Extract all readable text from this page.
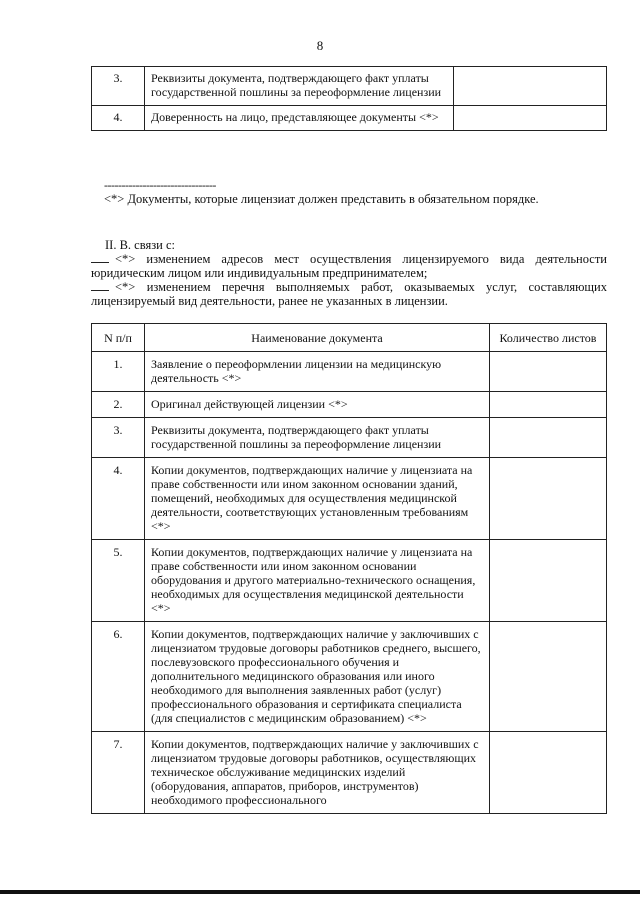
8
3.	Реквизиты документа, подтверждающего факт уплаты государственной пошлины за переоформление лицензии	
4.	Доверенность на лицо, представляющее документы <*>	
--------------------------------
<*> Документы, которые лицензиат должен представить в обязательном порядке.
II. В. связи с:
<*> изменением адресов мест осуществления лицензируемого вида деятельности юридическим лицом или индивидуальным предпринимателем;
<*> изменением перечня выполняемых работ, оказываемых услуг, составляющих лицензируемый вид деятельности, ранее не указанных в лицензии.
N п/п	Наименование документа	Количество листов
1.	Заявление о переоформлении лицензии на медицинскую деятельность <*>	
2.	Оригинал действующей лицензии <*>	
3.	Реквизиты документа, подтверждающего факт уплаты государственной пошлины за переоформление лицензии	
4.	Копии документов, подтверждающих наличие у лицензиата на праве собственности или ином законном основании зданий, помещений, необходимых для осуществления медицинской деятельности, соответствующих установленным требованиям <*>	
5.	Копии документов, подтверждающих наличие у лицензиата на праве собственности или ином законном основании оборудования и другого материально-технического оснащения, необходимых для осуществления медицинской деятельности <*>	
6.	Копии документов, подтверждающих наличие у заключивших с лицензиатом трудовые договоры работников среднего, высшего, послевузовского профессионального обучения и дополнительного медицинского образования или иного необходимого для выполнения заявленных работ (услуг) профессионального образования и сертификата специалиста (для специалистов с медицинским образованием) <*>	
7.	Копии документов, подтверждающих наличие у заключивших с лицензиатом трудовые договоры работников, осуществляющих техническое обслуживание медицинских изделий (оборудования, аппаратов, приборов, инструментов) необходимого профессионального	
